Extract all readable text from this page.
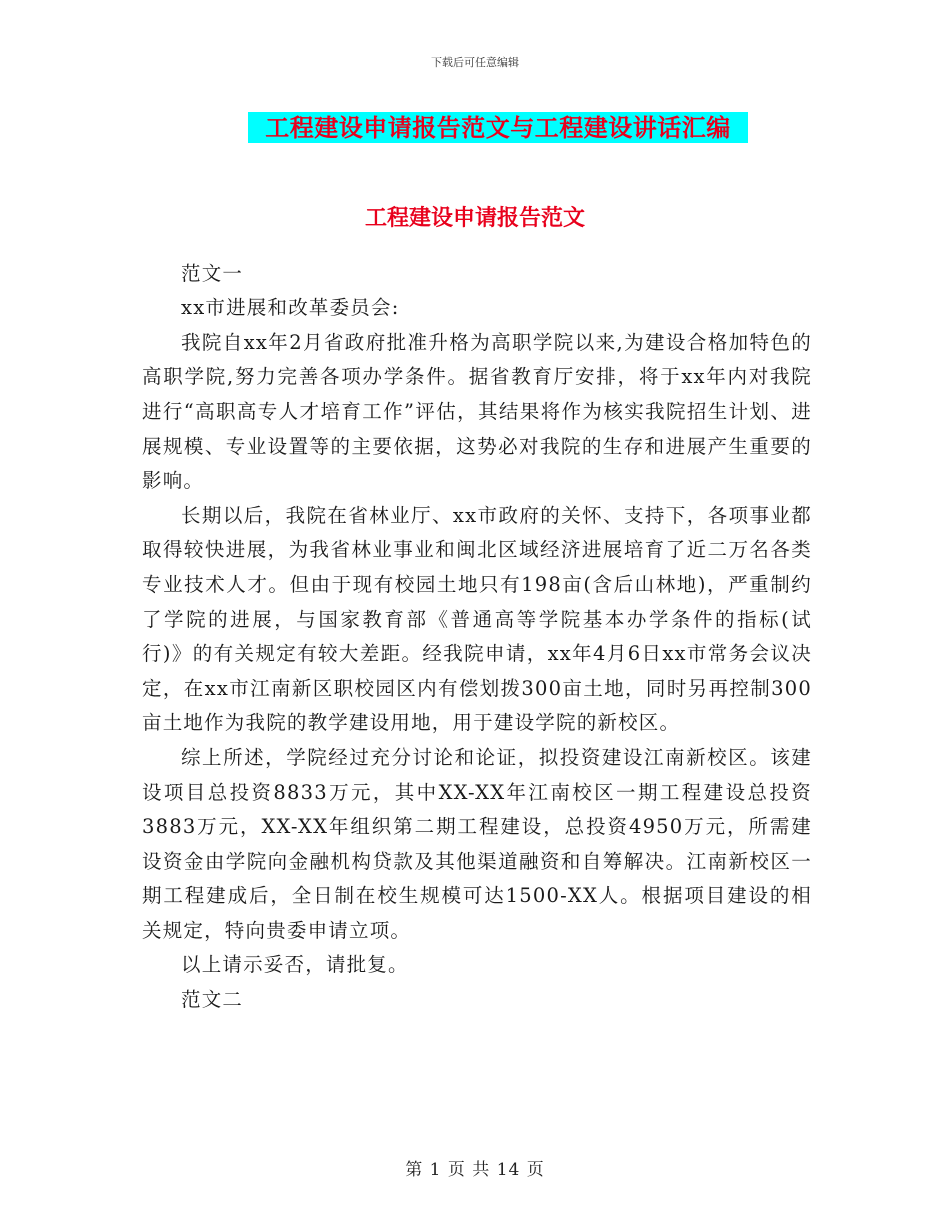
下载后可任意编辑
工程建设申请报告范文与工程建设讲话汇编
工程建设申请报告范文

范文一

xx市进展和改革委员会:

我院自xx年2月省政府批准升格为高职学院以来,为建设合格加特色的高职学院,努力完善各项办学条件。据省教育厅安排，将于xx年内对我院进行“高职高专人才培育工作”评估，其结果将作为核实我院招生计划、进展规模、专业设置等的主要依据，这势必对我院的生存和进展产生重要的影响。

长期以后，我院在省林业厅、xx市政府的关怀、支持下，各项事业都取得较快进展，为我省林业事业和闽北区域经济进展培育了近二万名各类专业技术人才。但由于现有校园土地只有198亩(含后山林地)，严重制约了学院的进展，与国家教育部《普通高等学院基本办学条件的指标(试行)》的有关规定有较大差距。经我院申请，xx年4月6日xx市常务会议决定，在xx市江南新区职校园区内有偿划拨300亩土地，同时另再控制300亩土地作为我院的教学建设用地，用于建设学院的新校区。

综上所述，学院经过充分讨论和论证，拟投资建设江南新校区。该建设项目总投资8833万元，其中XX-XX年江南校区一期工程建设总投资3883万元，XX-XX年组织第二期工程建设，总投资4950万元，所需建设资金由学院向金融机构贷款及其他渠道融资和自筹解决。江南新校区一期工程建成后，全日制在校生规模可达1500-XX人。根据项目建设的相关规定，特向贵委申请立项。

以上请示妥否，请批复。

范文二

第 1 页 共 14 页
